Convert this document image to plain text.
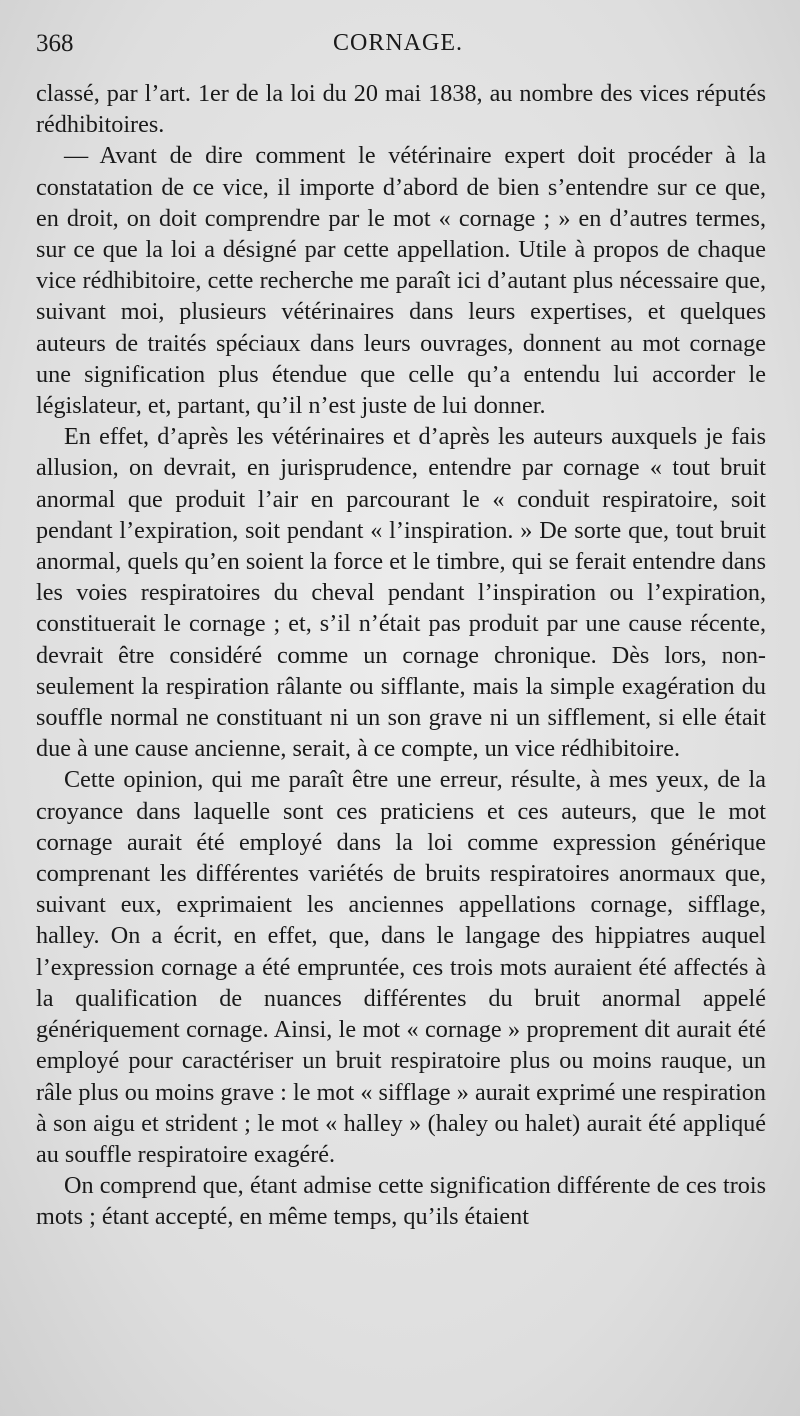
368	CORNAGE.

classé, par l’art. 1er de la loi du 20 mai 1838, au nombre des vices réputés rédhibitoires.

— Avant de dire comment le vétérinaire expert doit procéder à la constatation de ce vice, il importe d’abord de bien s’entendre sur ce que, en droit, on doit comprendre par le mot « cornage ; » en d’autres termes, sur ce que la loi a désigné par cette appellation. Utile à propos de chaque vice rédhibitoire, cette recherche me paraît ici d’autant plus nécessaire que, suivant moi, plusieurs vétérinaires dans leurs expertises, et quelques auteurs de traités spéciaux dans leurs ouvrages, donnent au mot cornage une signification plus étendue que celle qu’a entendu lui accorder le législateur, et, partant, qu’il n’est juste de lui donner.

En effet, d’après les vétérinaires et d’après les auteurs auxquels je fais allusion, on devrait, en jurisprudence, entendre par cornage « tout bruit anormal que produit l’air en parcourant le « conduit respiratoire, soit pendant l’expiration, soit pendant « l’inspiration. » De sorte que, tout bruit anormal, quels qu’en soient la force et le timbre, qui se ferait entendre dans les voies respiratoires du cheval pendant l’inspiration ou l’expiration, constituerait le cornage ; et, s’il n’était pas produit par une cause récente, devrait être considéré comme un cornage chronique. Dès lors, non-seulement la respiration râlante ou sifflante, mais la simple exagération du souffle normal ne constituant ni un son grave ni un sifflement, si elle était due à une cause ancienne, serait, à ce compte, un vice rédhibitoire.

Cette opinion, qui me paraît être une erreur, résulte, à mes yeux, de la croyance dans laquelle sont ces praticiens et ces auteurs, que le mot cornage aurait été employé dans la loi comme expression générique comprenant les différentes variétés de bruits respiratoires anormaux que, suivant eux, exprimaient les anciennes appellations cornage, sifflage, halley. On a écrit, en effet, que, dans le langage des hippiatres auquel l’expression cornage a été empruntée, ces trois mots auraient été affectés à la qualification de nuances différentes du bruit anormal appelé génériquement cornage. Ainsi, le mot « cornage » proprement dit aurait été employé pour caractériser un bruit respiratoire plus ou moins rauque, un râle plus ou moins grave : le mot « sifflage » aurait exprimé une respiration à son aigu et strident ; le mot « halley » (haley ou halet) aurait été appliqué au souffle respiratoire exagéré.

On comprend que, étant admise cette signification différente de ces trois mots ; étant accepté, en même temps, qu’ils étaient
